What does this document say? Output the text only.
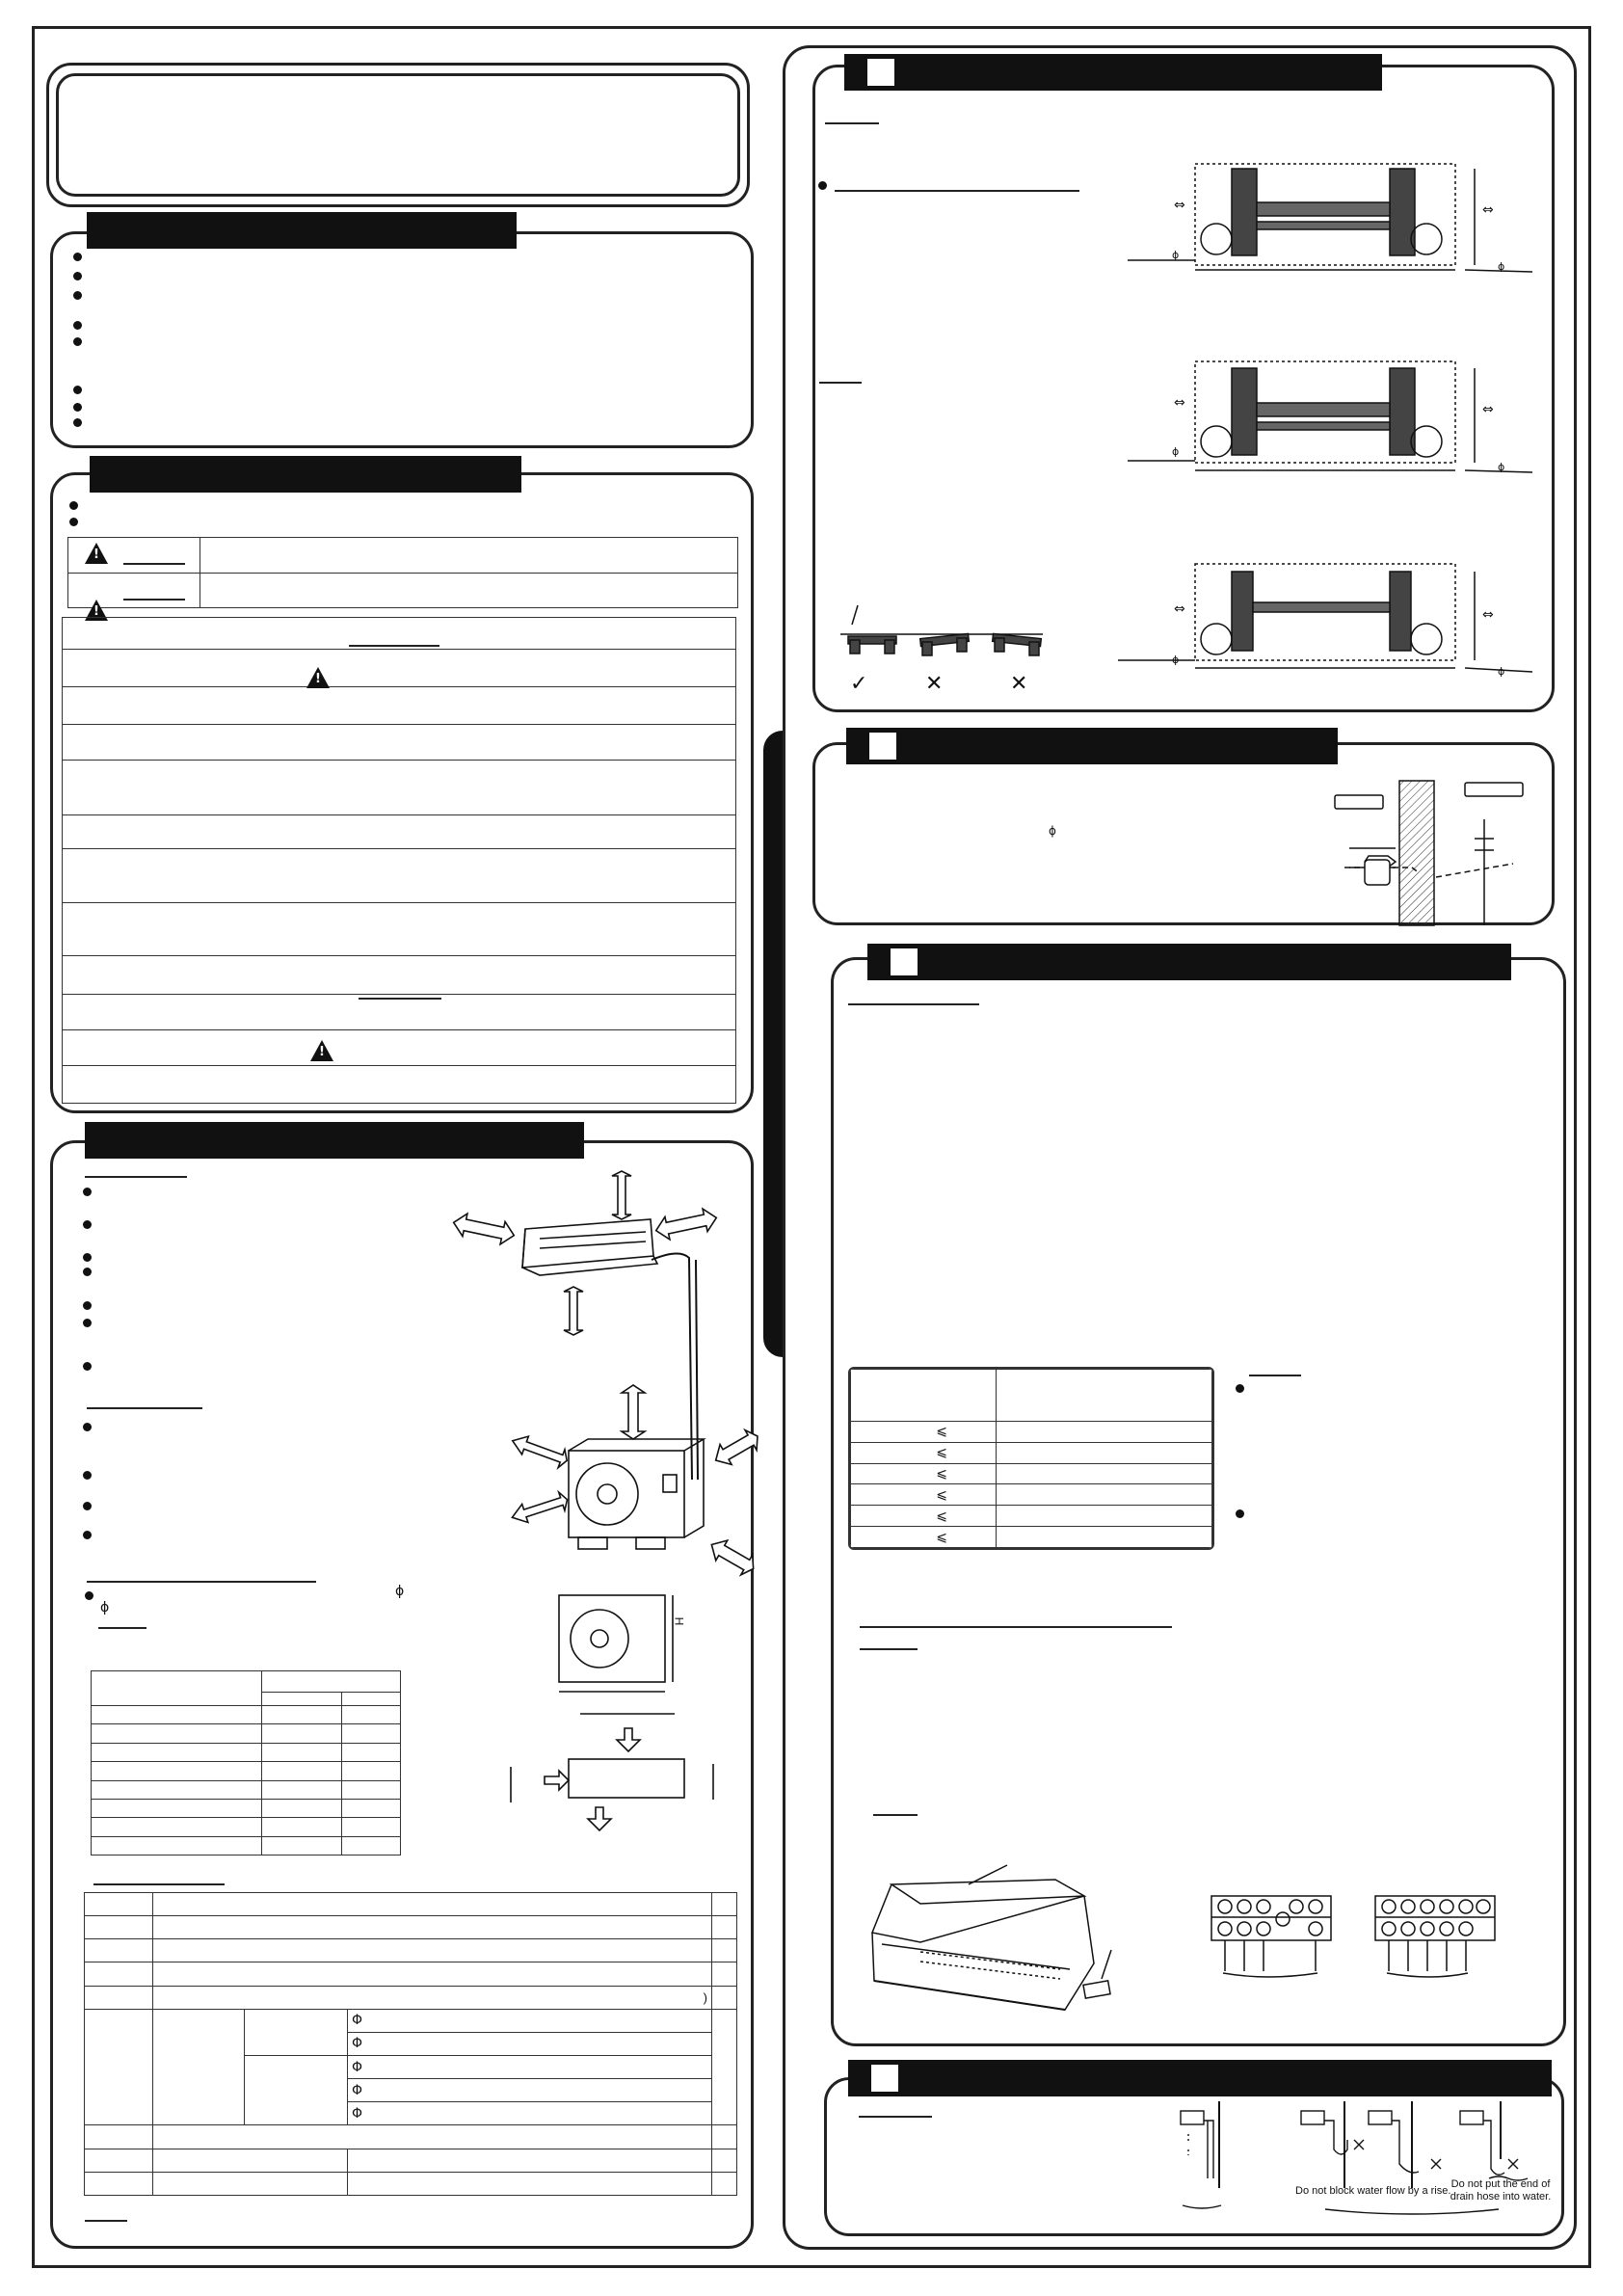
!
!

!
!
ϕ
ϕ

	)			
			Φ	
			Φ	
			Φ	
			Φ	
			Φ	

H
⇔	⇔
⇔	⇔
⇔	⇔
ϕ
ϕ
ϕ
ϕ
ϕ
ϕ
✓	✕	✕
ϕ

⩽	
⩽	
⩽	
⩽	
⩽	
⩽	
Do not block water flow by a rise.
Do not put the end of
drain hose into water.
